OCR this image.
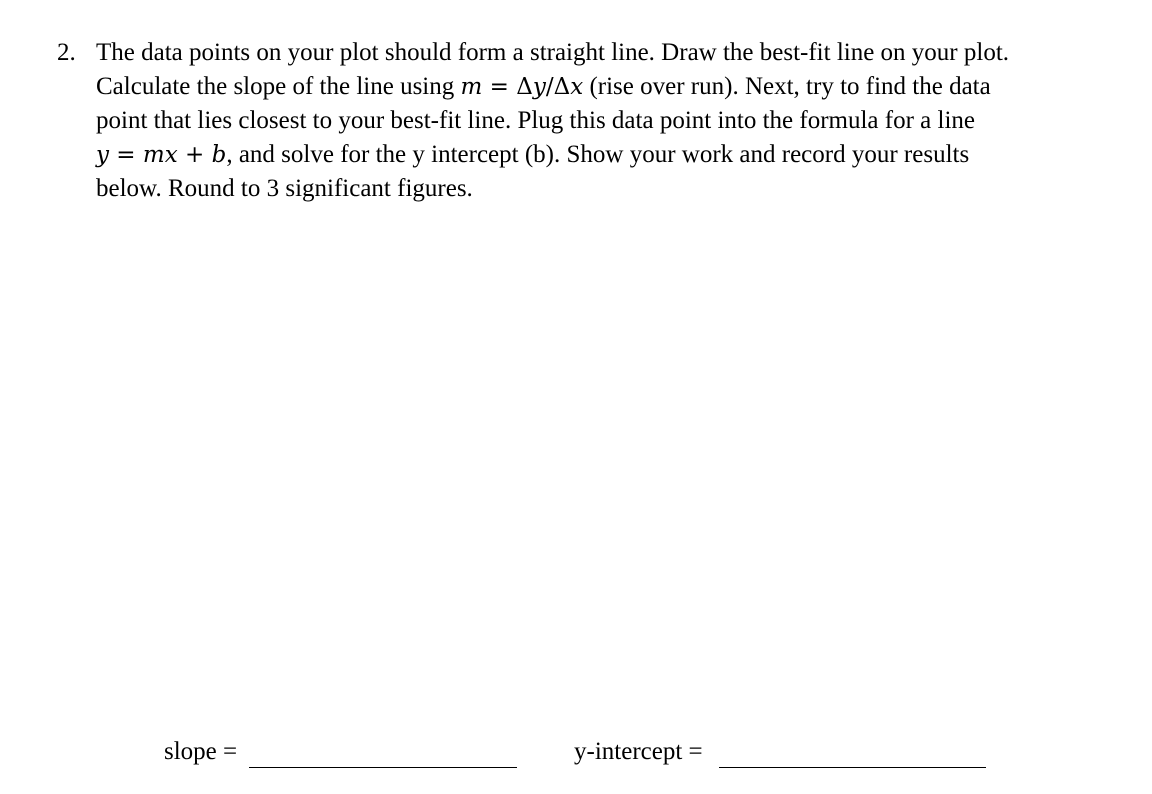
2. The data points on your plot should form a straight line. Draw the best-fit line on your plot.
Calculate the slope of the line using m = Δy/Δx (rise over run). Next, try to find the data
point that lies closest to your best-fit line. Plug this data point into the formula for a line
y = mx + b, and solve for the y intercept (b). Show your work and record your results
below. Round to 3 significant figures.
slope =	y-intercept =
